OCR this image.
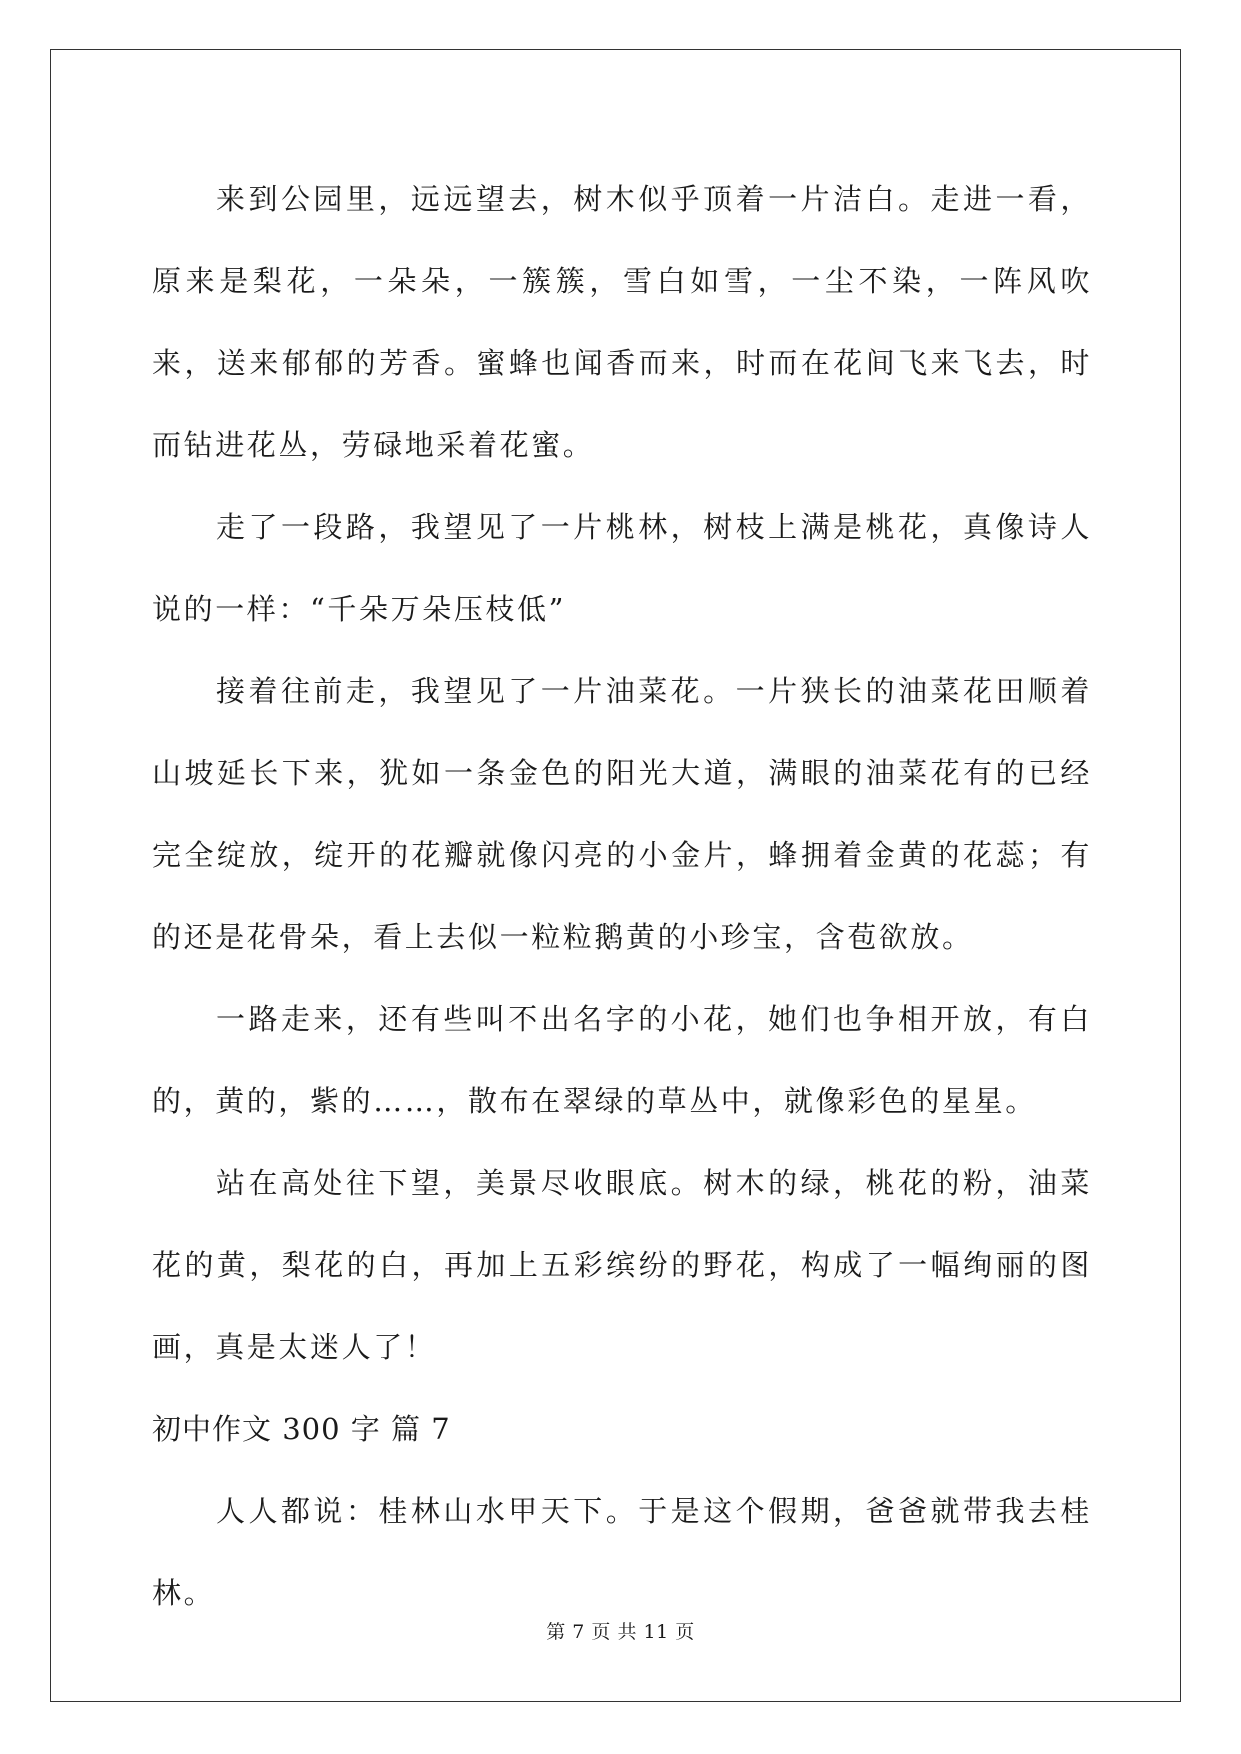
来到公园里，远远望去，树木似乎顶着一片洁白。走进一看，原来是梨花，一朵朵，一簇簇，雪白如雪，一尘不染，一阵风吹来，送来郁郁的芳香。蜜蜂也闻香而来，时而在花间飞来飞去，时而钻进花丛，劳碌地采着花蜜。

走了一段路，我望见了一片桃林，树枝上满是桃花，真像诗人说的一样：“千朵万朵压枝低”

接着往前走，我望见了一片油菜花。一片狭长的油菜花田顺着山坡延长下来，犹如一条金色的阳光大道，满眼的油菜花有的已经完全绽放，绽开的花瓣就像闪亮的小金片，蜂拥着金黄的花蕊；有的还是花骨朵，看上去似一粒粒鹅黄的小珍宝，含苞欲放。

一路走来，还有些叫不出名字的小花，她们也争相开放，有白的，黄的，紫的……，散布在翠绿的草丛中，就像彩色的星星。

站在高处往下望，美景尽收眼底。树木的绿，桃花的粉，油菜花的黄，梨花的白，再加上五彩缤纷的野花，构成了一幅绚丽的图画，真是太迷人了！

初中作文 300 字 篇 7

人人都说：桂林山水甲天下。于是这个假期，爸爸就带我去桂林。

第 7 页 共 11 页
